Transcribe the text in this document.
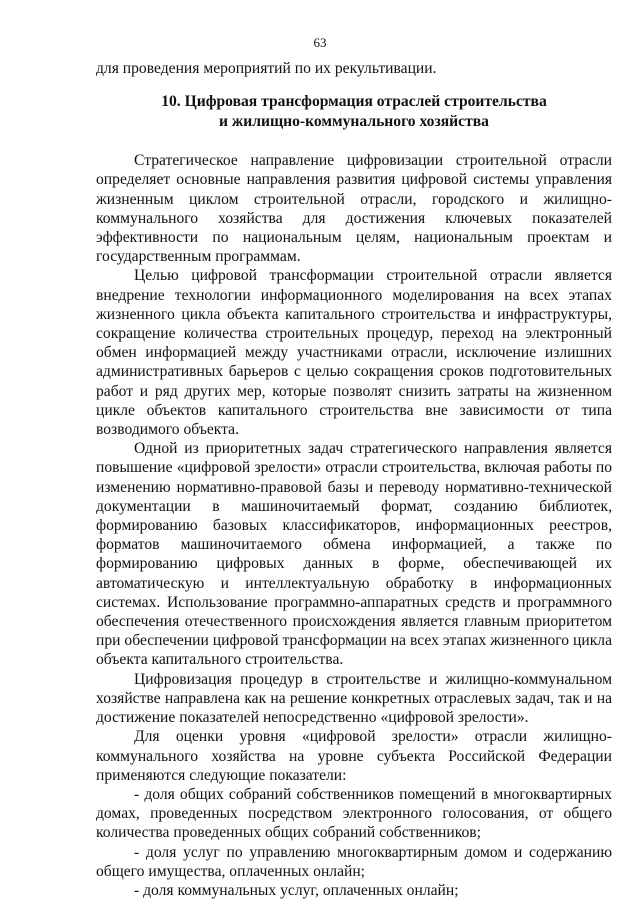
63

для проведения мероприятий по их рекультивации.

10. Цифровая трансформация отраслей строительства
и жилищно-коммунального хозяйства

Стратегическое направление цифровизации строительной отрасли определяет основные направления развития цифровой системы управления жизненным циклом строительной отрасли, городского и жилищно-коммунального хозяйства для достижения ключевых показателей эффективности по национальным целям, национальным проектам и государственным программам.

Целью цифровой трансформации строительной отрасли является внедрение технологии информационного моделирования на всех этапах жизненного цикла объекта капитального строительства и инфраструктуры, сокращение количества строительных процедур, переход на электронный обмен информацией между участниками отрасли, исключение излишних административных барьеров с целью сокращения сроков подготовительных работ и ряд других мер, которые позволят снизить затраты на жизненном цикле объектов капитального строительства вне зависимости от типа возводимого объекта.

Одной из приоритетных задач стратегического направления является повышение «цифровой зрелости» отрасли строительства, включая работы по изменению нормативно-правовой базы и переводу нормативно-технической документации в машиночитаемый формат, созданию библиотек, формированию базовых классификаторов, информационных реестров, форматов машиночитаемого обмена информацией, а также по формированию цифровых данных в форме, обеспечивающей их автоматическую и интеллектуальную обработку в информационных системах. Использование программно-аппаратных средств и программного обеспечения отечественного происхождения является главным приоритетом при обеспечении цифровой трансформации на всех этапах жизненного цикла объекта капитального строительства.

Цифровизация процедур в строительстве и жилищно-коммунальном хозяйстве направлена как на решение конкретных отраслевых задач, так и на достижение показателей непосредственно «цифровой зрелости».

Для оценки уровня «цифровой зрелости» отрасли жилищно-коммунального хозяйства на уровне субъекта Российской Федерации применяются следующие показатели:

- доля общих собраний собственников помещений в многоквартирных домах, проведенных посредством электронного голосования, от общего количества проведенных общих собраний собственников;

- доля услуг по управлению многоквартирным домом и содержанию общего имущества, оплаченных онлайн;

- доля коммунальных услуг, оплаченных онлайн;
